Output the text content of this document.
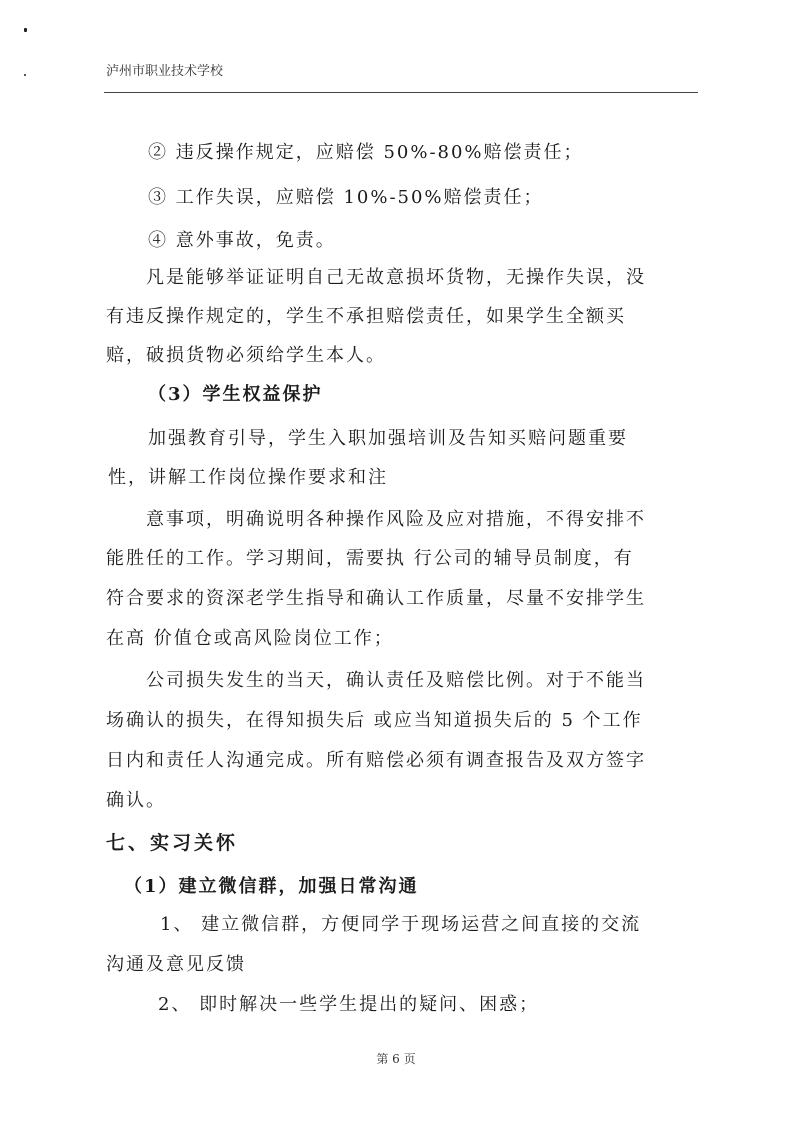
泸州市职业技术学校
② 违反操作规定，应赔偿 50%-80%赔偿责任；
③ 工作失误，应赔偿 10%-50%赔偿责任；
④ 意外事故，免责。
凡是能够举证证明自己无故意损坏货物，无操作失误，没
有违反操作规定的，学生不承担赔偿责任，如果学生全额买
赔，破损货物必须给学生本人。
（3）学生权益保护
加强教育引导，学生入职加强培训及告知买赔问题重要
性，讲解工作岗位操作要求和注
意事项，明确说明各种操作风险及应对措施，不得安排不
能胜任的工作。学习期间，需要执 行公司的辅导员制度，有
符合要求的资深老学生指导和确认工作质量，尽量不安排学生
在高 价值仓或高风险岗位工作；
公司损失发生的当天，确认责任及赔偿比例。对于不能当
场确认的损失，在得知损失后 或应当知道损失后的 5 个工作
日内和责任人沟通完成。所有赔偿必须有调查报告及双方签字
确认。
七、实习关怀
（1）建立微信群，加强日常沟通
1、 建立微信群，方便同学于现场运营之间直接的交流
沟通及意见反馈
2、 即时解决一些学生提出的疑问、困惑；
第 6 页
